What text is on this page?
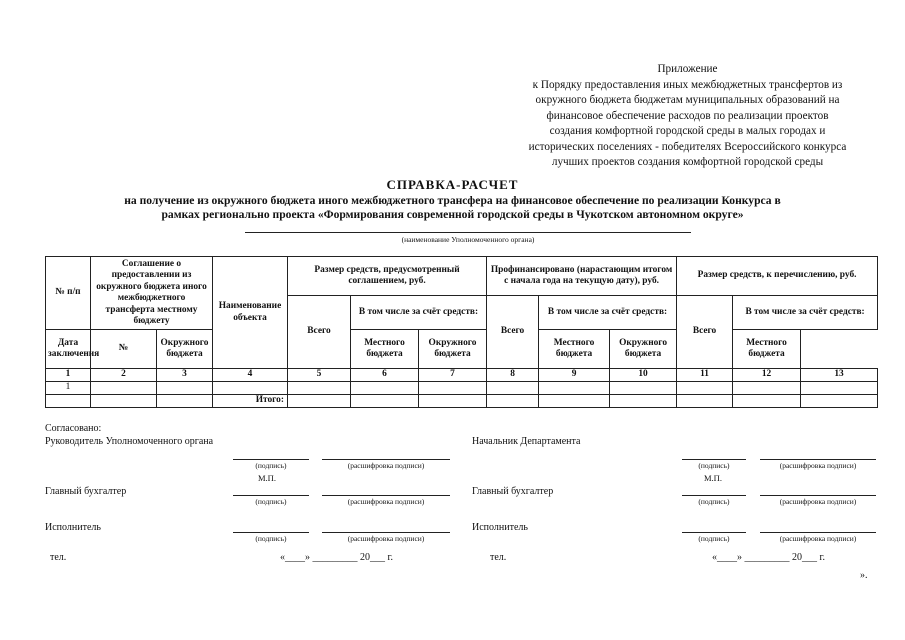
Приложение
к Порядку предоставления иных межбюджетных трансфертов из
окружного бюджета бюджетам муниципальных образований на
финансовое обеспечение расходов по реализации проектов
создания комфортной городской среды в малых городах и
исторических поселениях - победителях Всероссийского конкурса
лучших проектов создания комфортной городской среды
СПРАВКА-РАСЧЕТ
на получение из окружного бюджета иного межбюджетного трансфера на финансовое обеспечение по реализации Конкурса в
рамках регионально проекта «Формирования современной городской среды в Чукотском автономном округе»
(наименование Уполномоченного органа)
№ п/п	Соглашение о предоставлении из окружного бюджета иного межбюджетного трансферта местному бюджету		Наименование объекта	Размер средств, предусмотренный соглашением, руб.			Профинансировано (нарастающим итогом с начала года на текущую дату), руб.			Размер средств, к перечислению, руб.		
				Всего	В том числе за счёт средств:		Всего	В том числе за счёт средств:		Всего	В том числе за счёт средств:	
Дата заключения	№	Окружного бюджета			Местного бюджета	Окружного бюджета		Местного бюджета	Окружного бюджета		Местного бюджета	
1	2	3	4	5	6	7	8	9	10	11	12	13
1												
			Итого:									
Согласовано:
Руководитель Уполномоченного органа	Начальник Департамента
(подпись)	(расшифровка подписи)	(подпись)	(расшифровка подписи)
М.П.	М.П.
Главный бухгалтер	Главный бухгалтер
(подпись)	(расшифровка подписи)	(подпись)	(расшифровка подписи)
Исполнитель	Исполнитель
(подпись)	(расшифровка подписи)	(подпись)	(расшифровка подписи)
тел.	«____» _________ 20___ г.	тел.	«____» _________ 20___ г.
».
